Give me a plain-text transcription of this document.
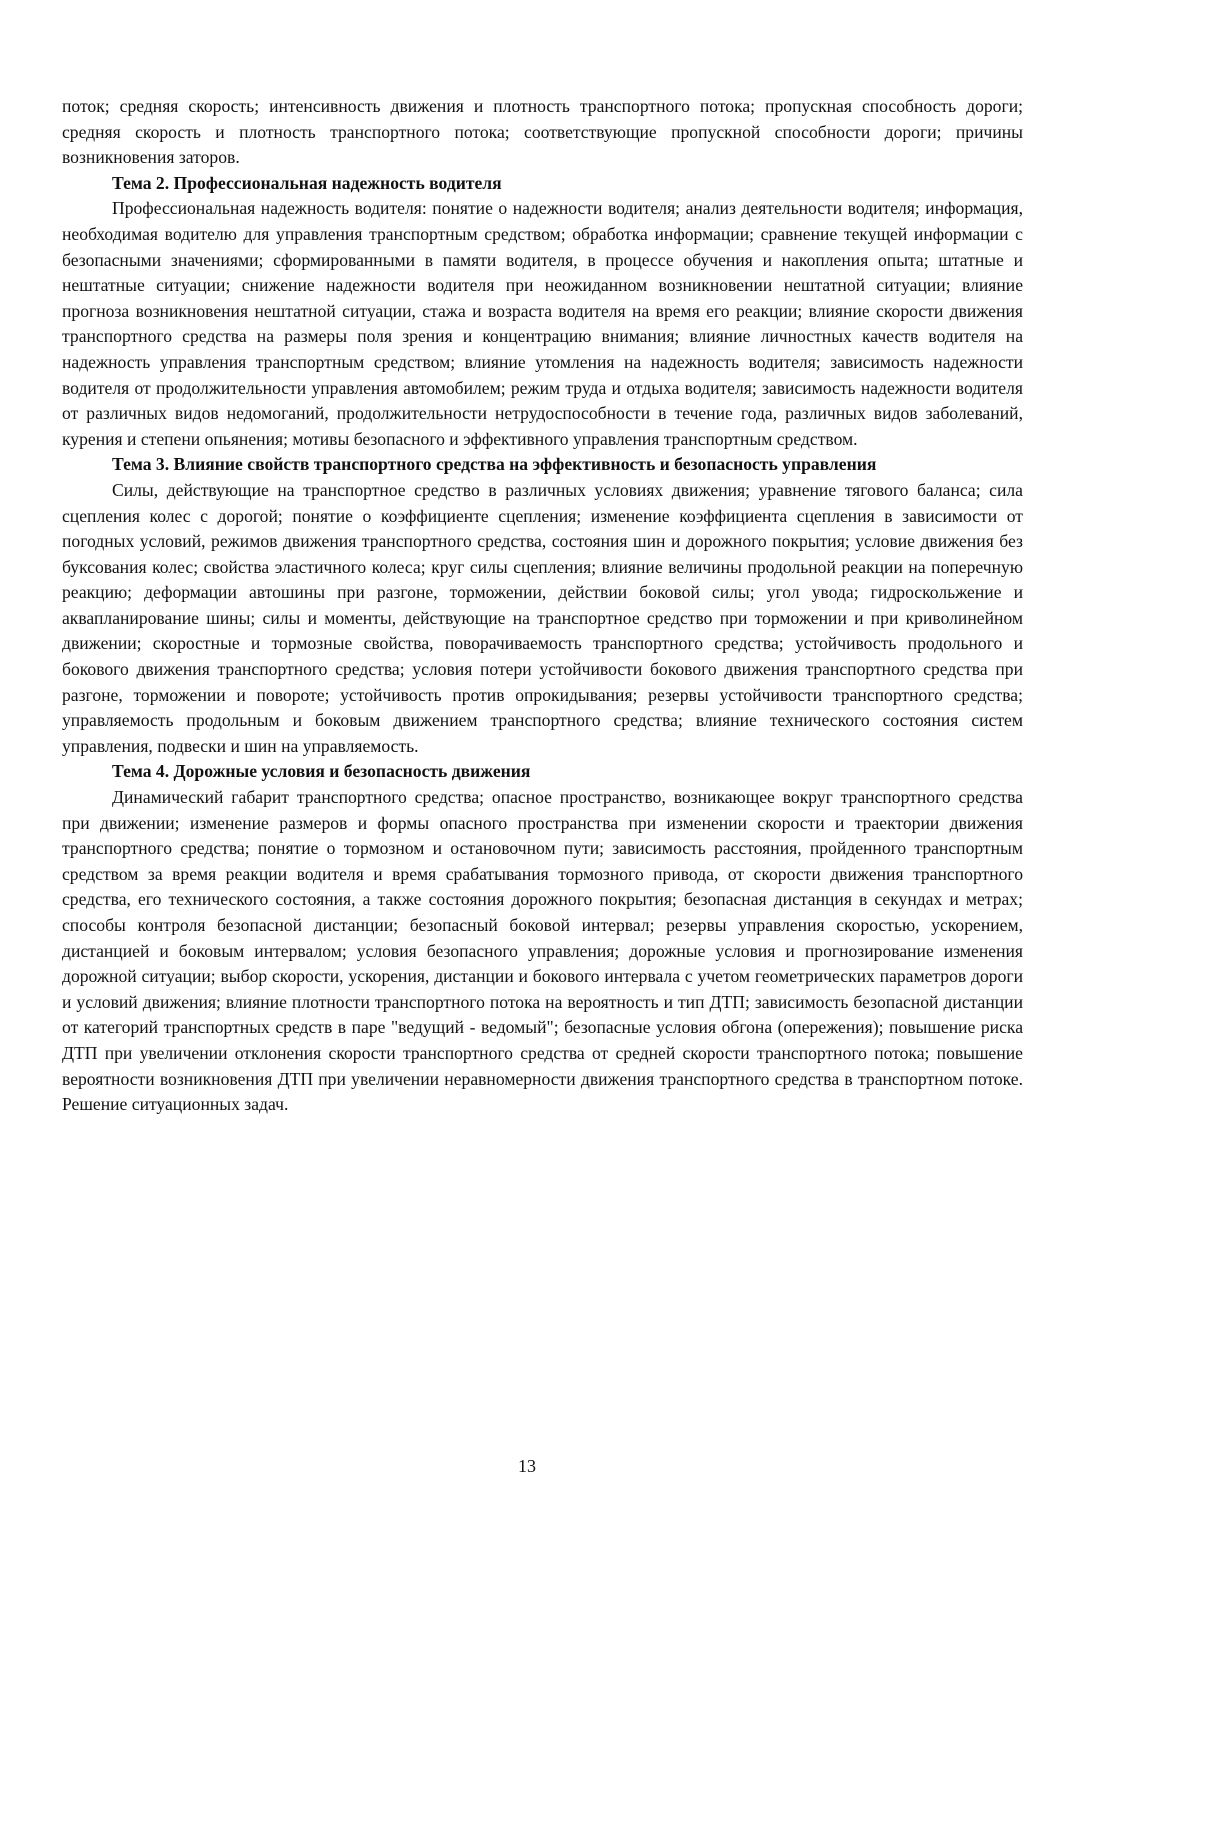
поток; средняя скорость; интенсивность движения и плотность транспортного потока; пропускная способность дороги; средняя скорость и плотность транспортного потока; соответствующие пропускной способности дороги; причины возникновения заторов.

Тема 2. Профессиональная надежность водителя

Профессиональная надежность водителя: понятие о надежности водителя; анализ деятельности водителя; информация, необходимая водителю для управления транспортным средством; обработка информации; сравнение текущей информации с безопасными значениями; сформированными в памяти водителя, в процессе обучения и накопления опыта; штатные и нештатные ситуации; снижение надежности водителя при неожиданном возникновении нештатной ситуации; влияние прогноза возникновения нештатной ситуации, стажа и возраста водителя на время его реакции; влияние скорости движения транспортного средства на размеры поля зрения и концентрацию внимания; влияние личностных качеств водителя на надежность управления транспортным средством; влияние утомления на надежность водителя; зависимость надежности водителя от продолжительности управления автомобилем; режим труда и отдыха водителя; зависимость надежности водителя от различных видов недомоганий, продолжительности нетрудоспособности в течение года, различных видов заболеваний, курения и степени опьянения; мотивы безопасного и эффективного управления транспортным средством.

Тема 3. Влияние свойств транспортного средства на эффективность и безопасность управления

Силы, действующие на транспортное средство в различных условиях движения; уравнение тягового баланса; сила сцепления колес с дорогой; понятие о коэффициенте сцепления; изменение коэффициента сцепления в зависимости от погодных условий, режимов движения транспортного средства, состояния шин и дорожного покрытия; условие движения без буксования колес; свойства эластичного колеса; круг силы сцепления; влияние величины продольной реакции на поперечную реакцию; деформации автошины при разгоне, торможении, действии боковой силы; угол увода; гидроскольжение и аквапланирование шины; силы и моменты, действующие на транспортное средство при торможении и при криволинейном движении; скоростные и тормозные свойства, поворачиваемость транспортного средства; устойчивость продольного и бокового движения транспортного средства; условия потери устойчивости бокового движения транспортного средства при разгоне, торможении и повороте; устойчивость против опрокидывания; резервы устойчивости транспортного средства; управляемость продольным и боковым движением транспортного средства; влияние технического состояния систем управления, подвески и шин на управляемость.

Тема 4. Дорожные условия и безопасность движения

Динамический габарит транспортного средства; опасное пространство, возникающее вокруг транспортного средства при движении; изменение размеров и формы опасного пространства при изменении скорости и траектории движения транспортного средства; понятие о тормозном и остановочном пути; зависимость расстояния, пройденного транспортным средством за время реакции водителя и время срабатывания тормозного привода, от скорости движения транспортного средства, его технического состояния, а также состояния дорожного покрытия; безопасная дистанция в секундах и метрах; способы контроля безопасной дистанции; безопасный боковой интервал; резервы управления скоростью, ускорением, дистанцией и боковым интервалом; условия безопасного управления; дорожные условия и прогнозирование изменения дорожной ситуации; выбор скорости, ускорения, дистанции и бокового интервала с учетом геометрических параметров дороги и условий движения; влияние плотности транспортного потока на вероятность и тип ДТП; зависимость безопасной дистанции от категорий транспортных средств в паре "ведущий - ведомый"; безопасные условия обгона (опережения); повышение риска ДТП при увеличении отклонения скорости транспортного средства от средней скорости транспортного потока; повышение вероятности возникновения ДТП при увеличении неравномерности движения транспортного средства в транспортном потоке. Решение ситуационных задач.

13
